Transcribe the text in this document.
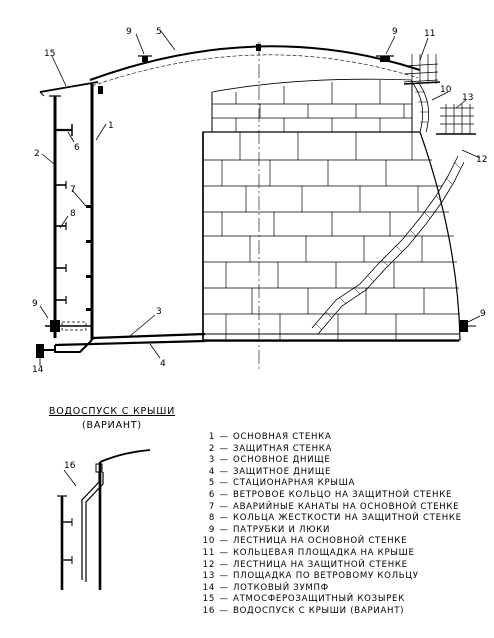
1
2
3
4
5
6
7
8
9	9
9
9
10
11
12
13
14
15
16
ВОДОСПУСК С КРЫШИ
(ВАРИАНТ)
1 — ОСНОВНАЯ СТЕНКА
2 — ЗАЩИТНАЯ СТЕНКА
3 — ОСНОВНОЕ ДНИЩЕ
4 — ЗАЩИТНОЕ ДНИЩЕ
5 — СТАЦИОНАРНАЯ КРЫША
6 — ВЕТРОВОЕ КОЛЬЦО НА ЗАЩИТНОЙ СТЕНКЕ
7 — АВАРИЙНЫЕ КАНАТЫ НА ОСНОВНОЙ СТЕНКЕ
8 — КОЛЬЦА ЖЕСТКОСТИ НА ЗАЩИТНОЙ СТЕНКЕ
9 — ПАТРУБКИ И ЛЮКИ
10 — ЛЕСТНИЦА НА ОСНОВНОЙ СТЕНКЕ
11 — КОЛЬЦЕВАЯ ПЛОЩАДКА НА КРЫШЕ
12 — ЛЕСТНИЦА НА ЗАЩИТНОЙ СТЕНКЕ
13 — ПЛОЩАДКА ПО ВЕТРОВОМУ КОЛЬЦУ
14 — ЛОТКОВЫЙ ЗУМПФ
15 — АТМОСФЕРОЗАЩИТНЫЙ КОЗЫРЕК
16 — ВОДОСПУСК С КРЫШИ (ВАРИАНТ)
